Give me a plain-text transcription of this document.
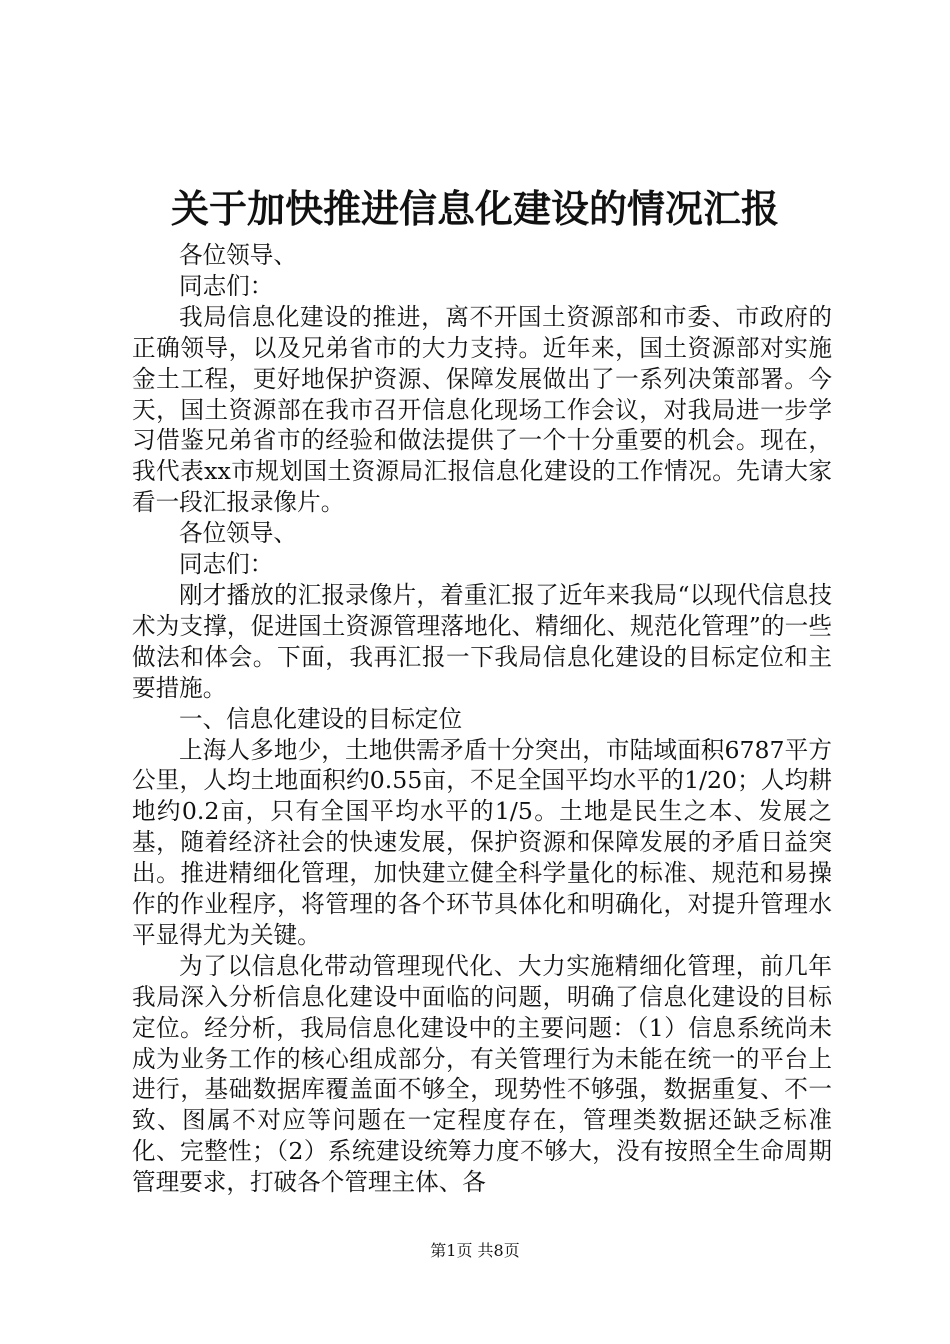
关于加快推进信息化建设的情况汇报

各位领导、

同志们：

我局信息化建设的推进，离不开国土资源部和市委、市政府的正确领导，以及兄弟省市的大力支持。近年来，国土资源部对实施金土工程，更好地保护资源、保障发展做出了一系列决策部署。今天，国土资源部在我市召开信息化现场工作会议，对我局进一步学习借鉴兄弟省市的经验和做法提供了一个十分重要的机会。现在，我代表xx市规划国土资源局汇报信息化建设的工作情况。先请大家看一段汇报录像片。

各位领导、

同志们：

刚才播放的汇报录像片，着重汇报了近年来我局“以现代信息技术为支撑，促进国土资源管理落地化、精细化、规范化管理”的一些做法和体会。下面，我再汇报一下我局信息化建设的目标定位和主要措施。

一、信息化建设的目标定位

上海人多地少，土地供需矛盾十分突出，市陆域面积6787平方公里，人均土地面积约0.55亩，不足全国平均水平的1/20；人均耕地约0.2亩，只有全国平均水平的1/5。土地是民生之本、发展之基，随着经济社会的快速发展，保护资源和保障发展的矛盾日益突出。推进精细化管理，加快建立健全科学量化的标准、规范和易操作的作业程序，将管理的各个环节具体化和明确化，对提升管理水平显得尤为关键。

为了以信息化带动管理现代化、大力实施精细化管理，前几年我局深入分析信息化建设中面临的问题，明确了信息化建设的目标定位。经分析，我局信息化建设中的主要问题：（1）信息系统尚未成为业务工作的核心组成部分，有关管理行为未能在统一的平台上进行，基础数据库覆盖面不够全，现势性不够强，数据重复、不一致、图属不对应等问题在一定程度存在，管理类数据还缺乏标准化、完整性；（2）系统建设统筹力度不够大，没有按照全生命周期管理要求，打破各个管理主体、各

第1页 共8页
